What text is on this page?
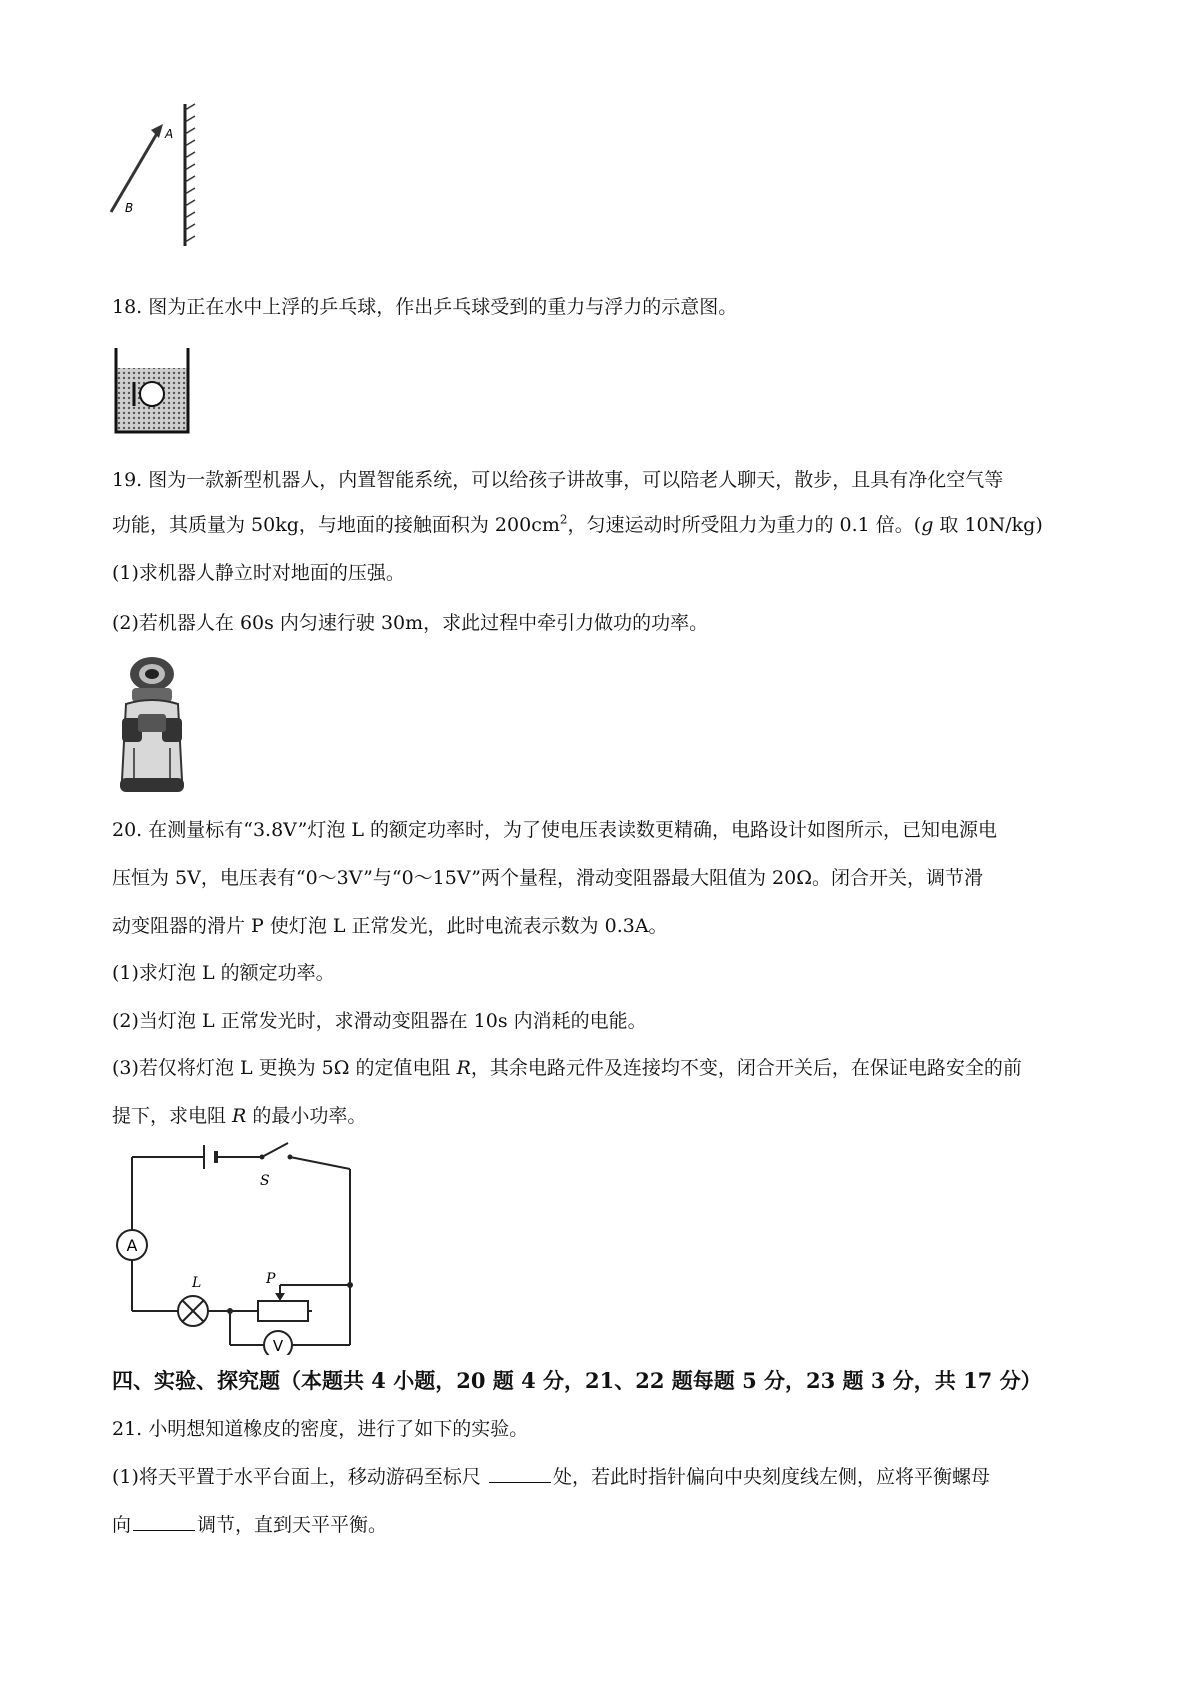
A
B
18. 图为正在水中上浮的乒乓球，作出乒乓球受到的重力与浮力的示意图。
19. 图为一款新型机器人，内置智能系统，可以给孩子讲故事，可以陪老人聊天，散步，且具有净化空气等
功能，其质量为 50kg，与地面的接触面积为 $200cm^2$，匀速运动时所受阻力为重力的 0.1 倍。(g 取 10N/kg)
(1)求机器人静立时对地面的压强。
(2)若机器人在 60s 内匀速行驶 30m，求此过程中牵引力做功的功率。
20. 在测量标有“3.8V”灯泡 L 的额定功率时，为了使电压表读数更精确，电路设计如图所示，已知电源电
压恒为 5V，电压表有“0～3V”与“0～15V”两个量程，滑动变阻器最大阻值为 20Ω。闭合开关，调节滑
动变阻器的滑片 P 使灯泡 L 正常发光，此时电流表示数为 0.3A。
(1)求灯泡 L 的额定功率。
(2)当灯泡 L 正常发光时，求滑动变阻器在 10s 内消耗的电能。
(3)若仅将灯泡 L 更换为 5Ω 的定值电阻 R，其余电路元件及连接均不变，闭合开关后，在保证电路安全的前
提下，求电阻 R 的最小功率。
A
L	P
V
S
四、实验、探究题（本题共 4 小题，20 题 4 分，21、22 题每题 5 分，23 题 3 分，共 17 分）
21. 小明想知道橡皮的密度，进行了如下的实验。
(1)将天平置于水平台面上，移动游码至标尺	处，若此时指针偏向中央刻度线左侧，应将平衡螺母
向	调节，直到天平平衡。
